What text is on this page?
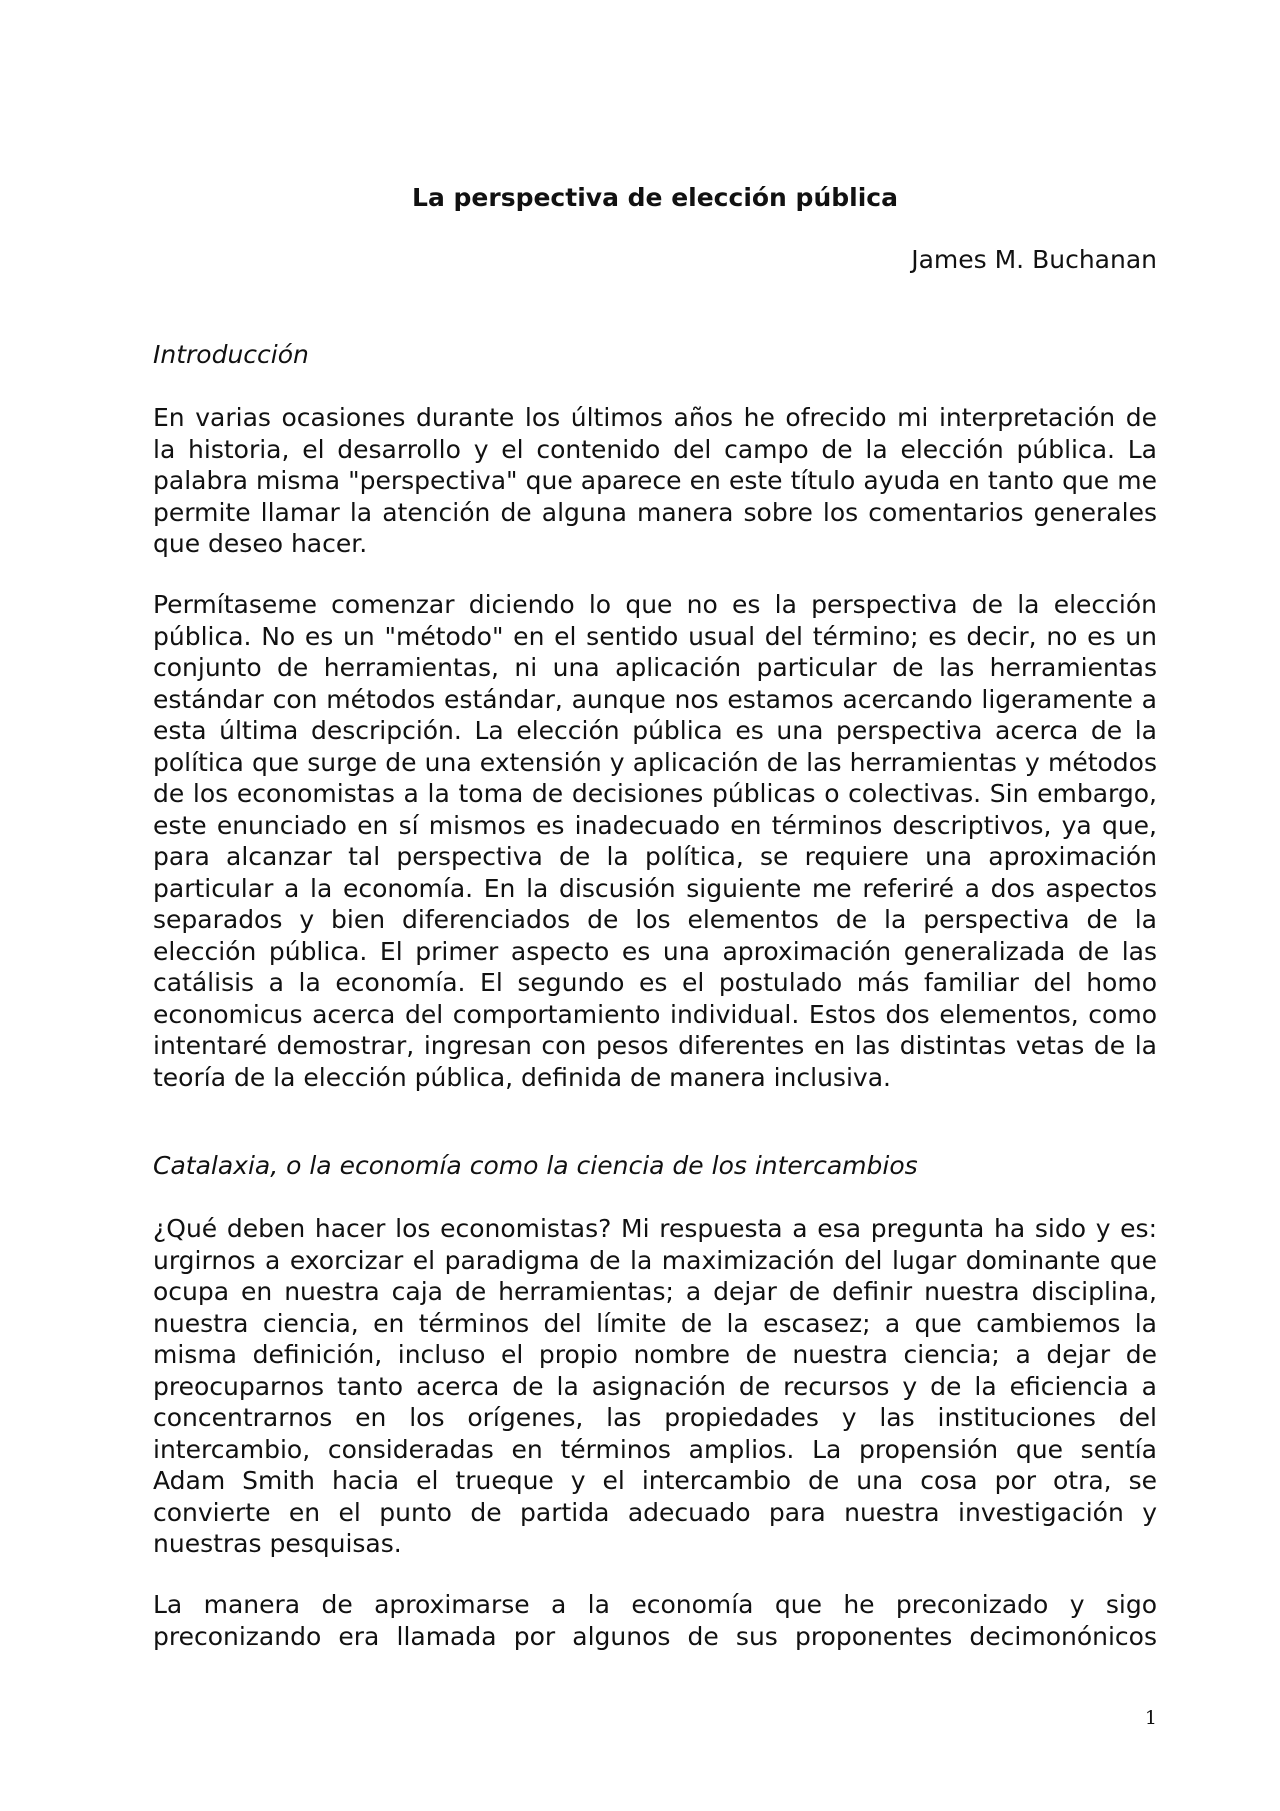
La perspectiva de elección pública

James M. Buchanan

Introducción

En varias ocasiones durante los últimos años he ofrecido mi interpretación de la historia, el desarrollo y el contenido del campo de la elección pública. La palabra misma "perspectiva" que aparece en este título ayuda en tanto que me permite llamar la atención de alguna manera sobre los comentarios generales que deseo hacer.

Permítaseme comenzar diciendo lo que no es la perspectiva de la elección pública. No es un "método" en el sentido usual del término; es decir, no es un conjunto de herramientas, ni una aplicación particular de las herramientas estándar con métodos estándar, aunque nos estamos acercando ligeramente a esta última descripción. La elección pública es una perspectiva acerca de la política que surge de una extensión y aplicación de las herramientas y métodos de los economistas a la toma de decisiones públicas o colectivas. Sin embargo, este enunciado en sí mismos es inadecuado en términos descriptivos, ya que, para alcanzar tal perspectiva de la política, se requiere una aproximación particular a la economía. En la discusión siguiente me referiré a dos aspectos separados y bien diferenciados de los elementos de la perspectiva de la elección pública. El primer aspecto es una aproximación generalizada de las catálisis a la economía. El segundo es el postulado más familiar del homo economicus acerca del comportamiento individual. Estos dos elementos, como intentaré demostrar, ingresan con pesos diferentes en las distintas vetas de la teoría de la elección pública, definida de manera inclusiva.

Catalaxia, o la economía como la ciencia de los intercambios

¿Qué deben hacer los economistas? Mi respuesta a esa pregunta ha sido y es: urgirnos a exorcizar el paradigma de la maximización del lugar dominante que ocupa en nuestra caja de herramientas; a dejar de definir nuestra disciplina, nuestra ciencia, en términos del límite de la escasez; a que cambiemos la misma definición, incluso el propio nombre de nuestra ciencia; a dejar de preocuparnos tanto acerca de la asignación de recursos y de la eficiencia a concentrarnos en los orígenes, las propiedades y las instituciones del intercambio, consideradas en términos amplios. La propensión que sentía Adam Smith hacia el trueque y el intercambio de una cosa por otra, se convierte en el punto de partida adecuado para nuestra investigación y nuestras pesquisas.

La manera de aproximarse a la economía que he preconizado y sigo preconizando era llamada por algunos de sus proponentes decimonónicos

1
